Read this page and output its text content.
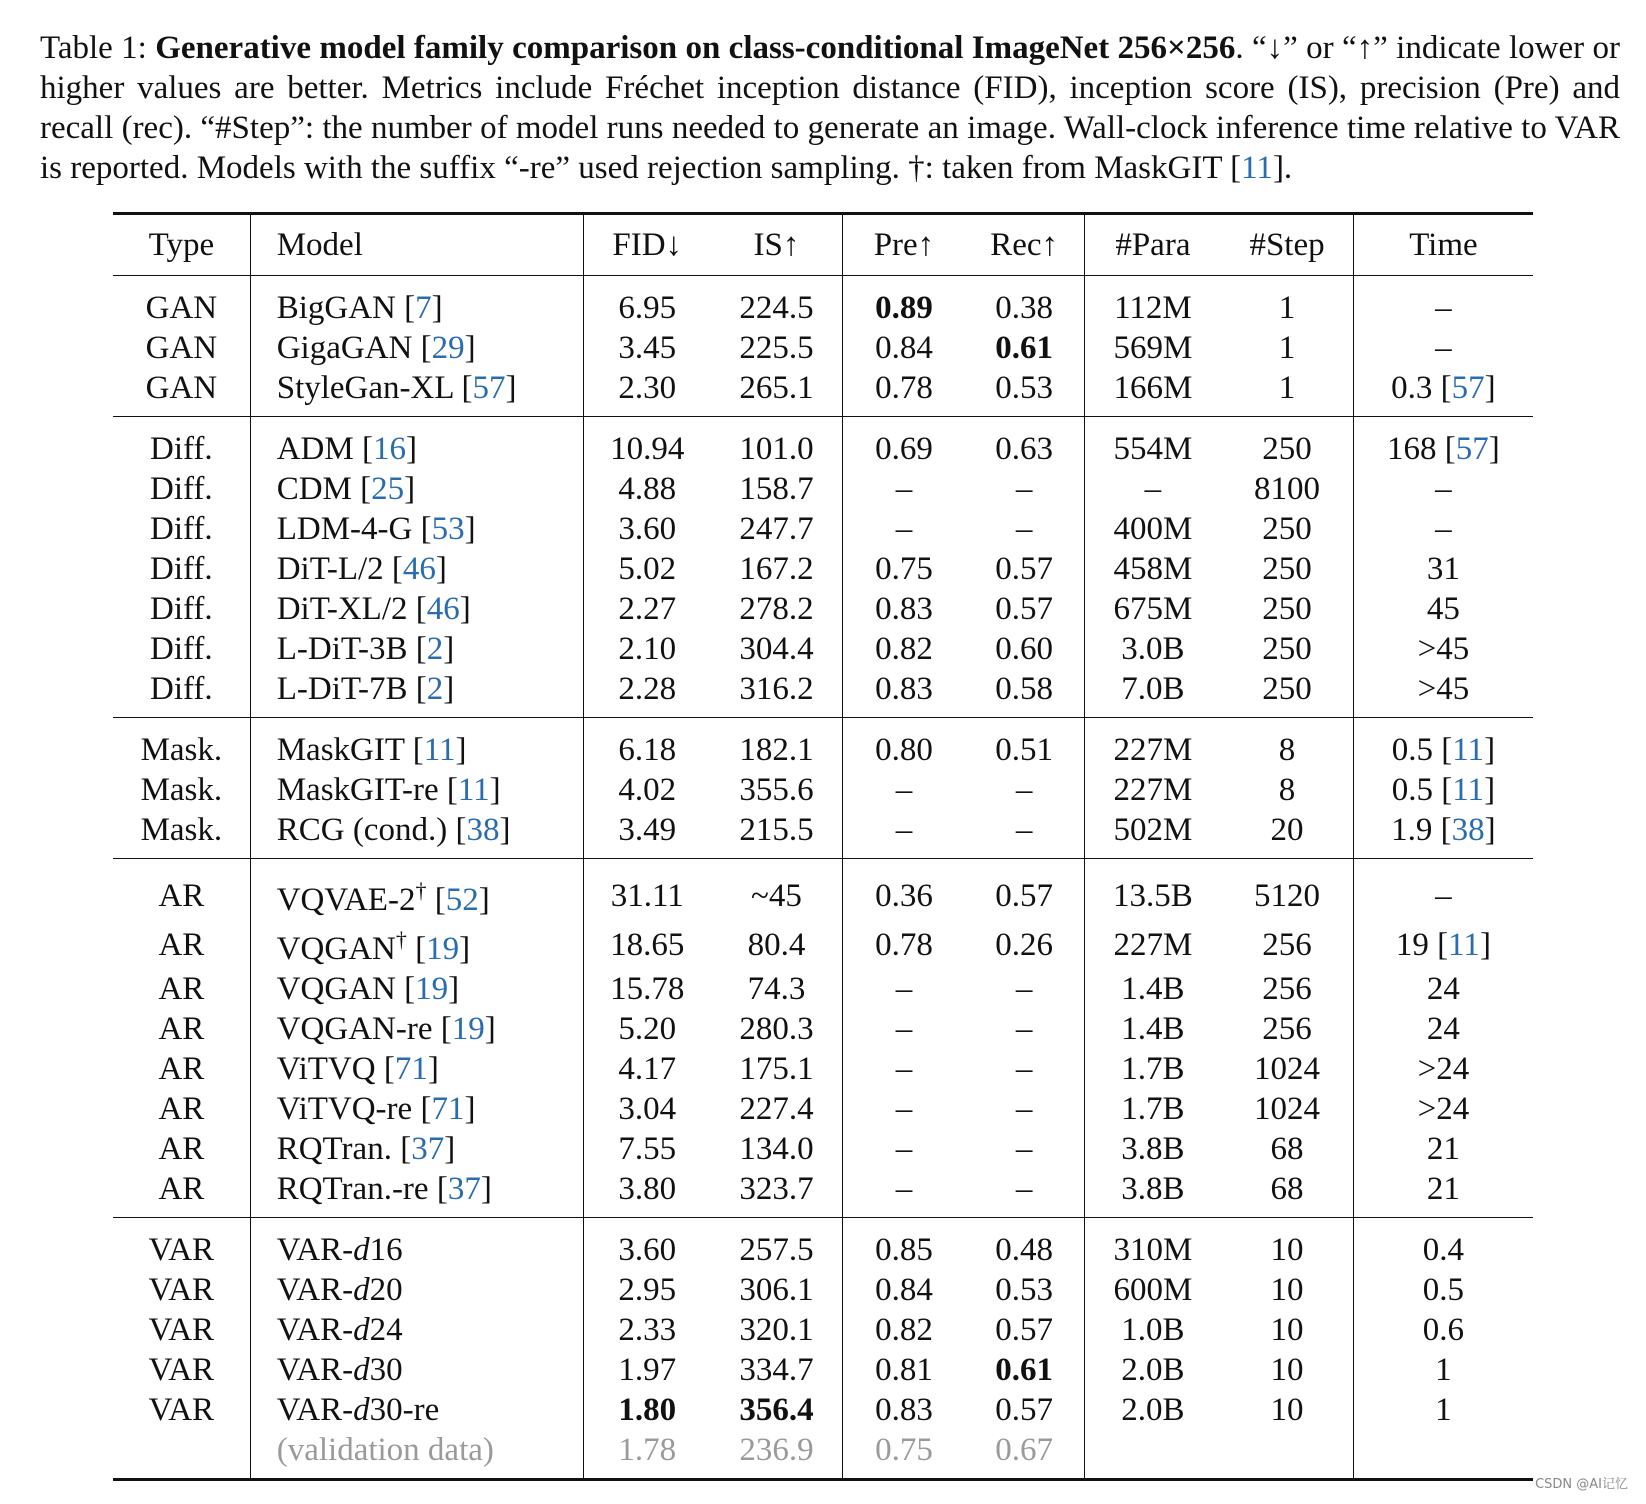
Table 1: Generative model family comparison on class-conditional ImageNet 256×256. “↓” or “↑” indicate lower or higher values are better. Metrics include Fréchet inception distance (FID), inception score (IS), precision (Pre) and recall (rec). “#Step”: the number of model runs needed to generate an image. Wall-clock inference time relative to VAR is reported. Models with the suffix “-re” used rejection sampling. †: taken from MaskGIT [11].
Type	Model	FID↓	IS↑	Pre↑	Rec↑	#Para	#Step	Time
GAN	BigGAN [7]	6.95	224.5	0.89	0.38	112M	1	–
GAN	GigaGAN [29]	3.45	225.5	0.84	0.61	569M	1	–
GAN	StyleGan-XL [57]	2.30	265.1	0.78	0.53	166M	1	0.3 [57]
Diff.	ADM [16]	10.94	101.0	0.69	0.63	554M	250	168 [57]
Diff.	CDM [25]	4.88	158.7	–	–	–	8100	–
Diff.	LDM-4-G [53]	3.60	247.7	–	–	400M	250	–
Diff.	DiT-L/2 [46]	5.02	167.2	0.75	0.57	458M	250	31
Diff.	DiT-XL/2 [46]	2.27	278.2	0.83	0.57	675M	250	45
Diff.	L-DiT-3B [2]	2.10	304.4	0.82	0.60	3.0B	250	>45
Diff.	L-DiT-7B [2]	2.28	316.2	0.83	0.58	7.0B	250	>45
Mask.	MaskGIT [11]	6.18	182.1	0.80	0.51	227M	8	0.5 [11]
Mask.	MaskGIT-re [11]	4.02	355.6	–	–	227M	8	0.5 [11]
Mask.	RCG (cond.) [38]	3.49	215.5	–	–	502M	20	1.9 [38]
AR	VQVAE-2† [52]	31.11	~45	0.36	0.57	13.5B	5120	–
AR	VQGAN† [19]	18.65	80.4	0.78	0.26	227M	256	19 [11]
AR	VQGAN [19]	15.78	74.3	–	–	1.4B	256	24
AR	VQGAN-re [19]	5.20	280.3	–	–	1.4B	256	24
AR	ViTVQ [71]	4.17	175.1	–	–	1.7B	1024	>24
AR	ViTVQ-re [71]	3.04	227.4	–	–	1.7B	1024	>24
AR	RQTran. [37]	7.55	134.0	–	–	3.8B	68	21
AR	RQTran.-re [37]	3.80	323.7	–	–	3.8B	68	21
VAR	VAR-d16	3.60	257.5	0.85	0.48	310M	10	0.4
VAR	VAR-d20	2.95	306.1	0.84	0.53	600M	10	0.5
VAR	VAR-d24	2.33	320.1	0.82	0.57	1.0B	10	0.6
VAR	VAR-d30	1.97	334.7	0.81	0.61	2.0B	10	1
VAR	VAR-d30-re	1.80	356.4	0.83	0.57	2.0B	10	1
	(validation data)	1.78	236.9	0.75	0.67			
CSDN @AI记忆
